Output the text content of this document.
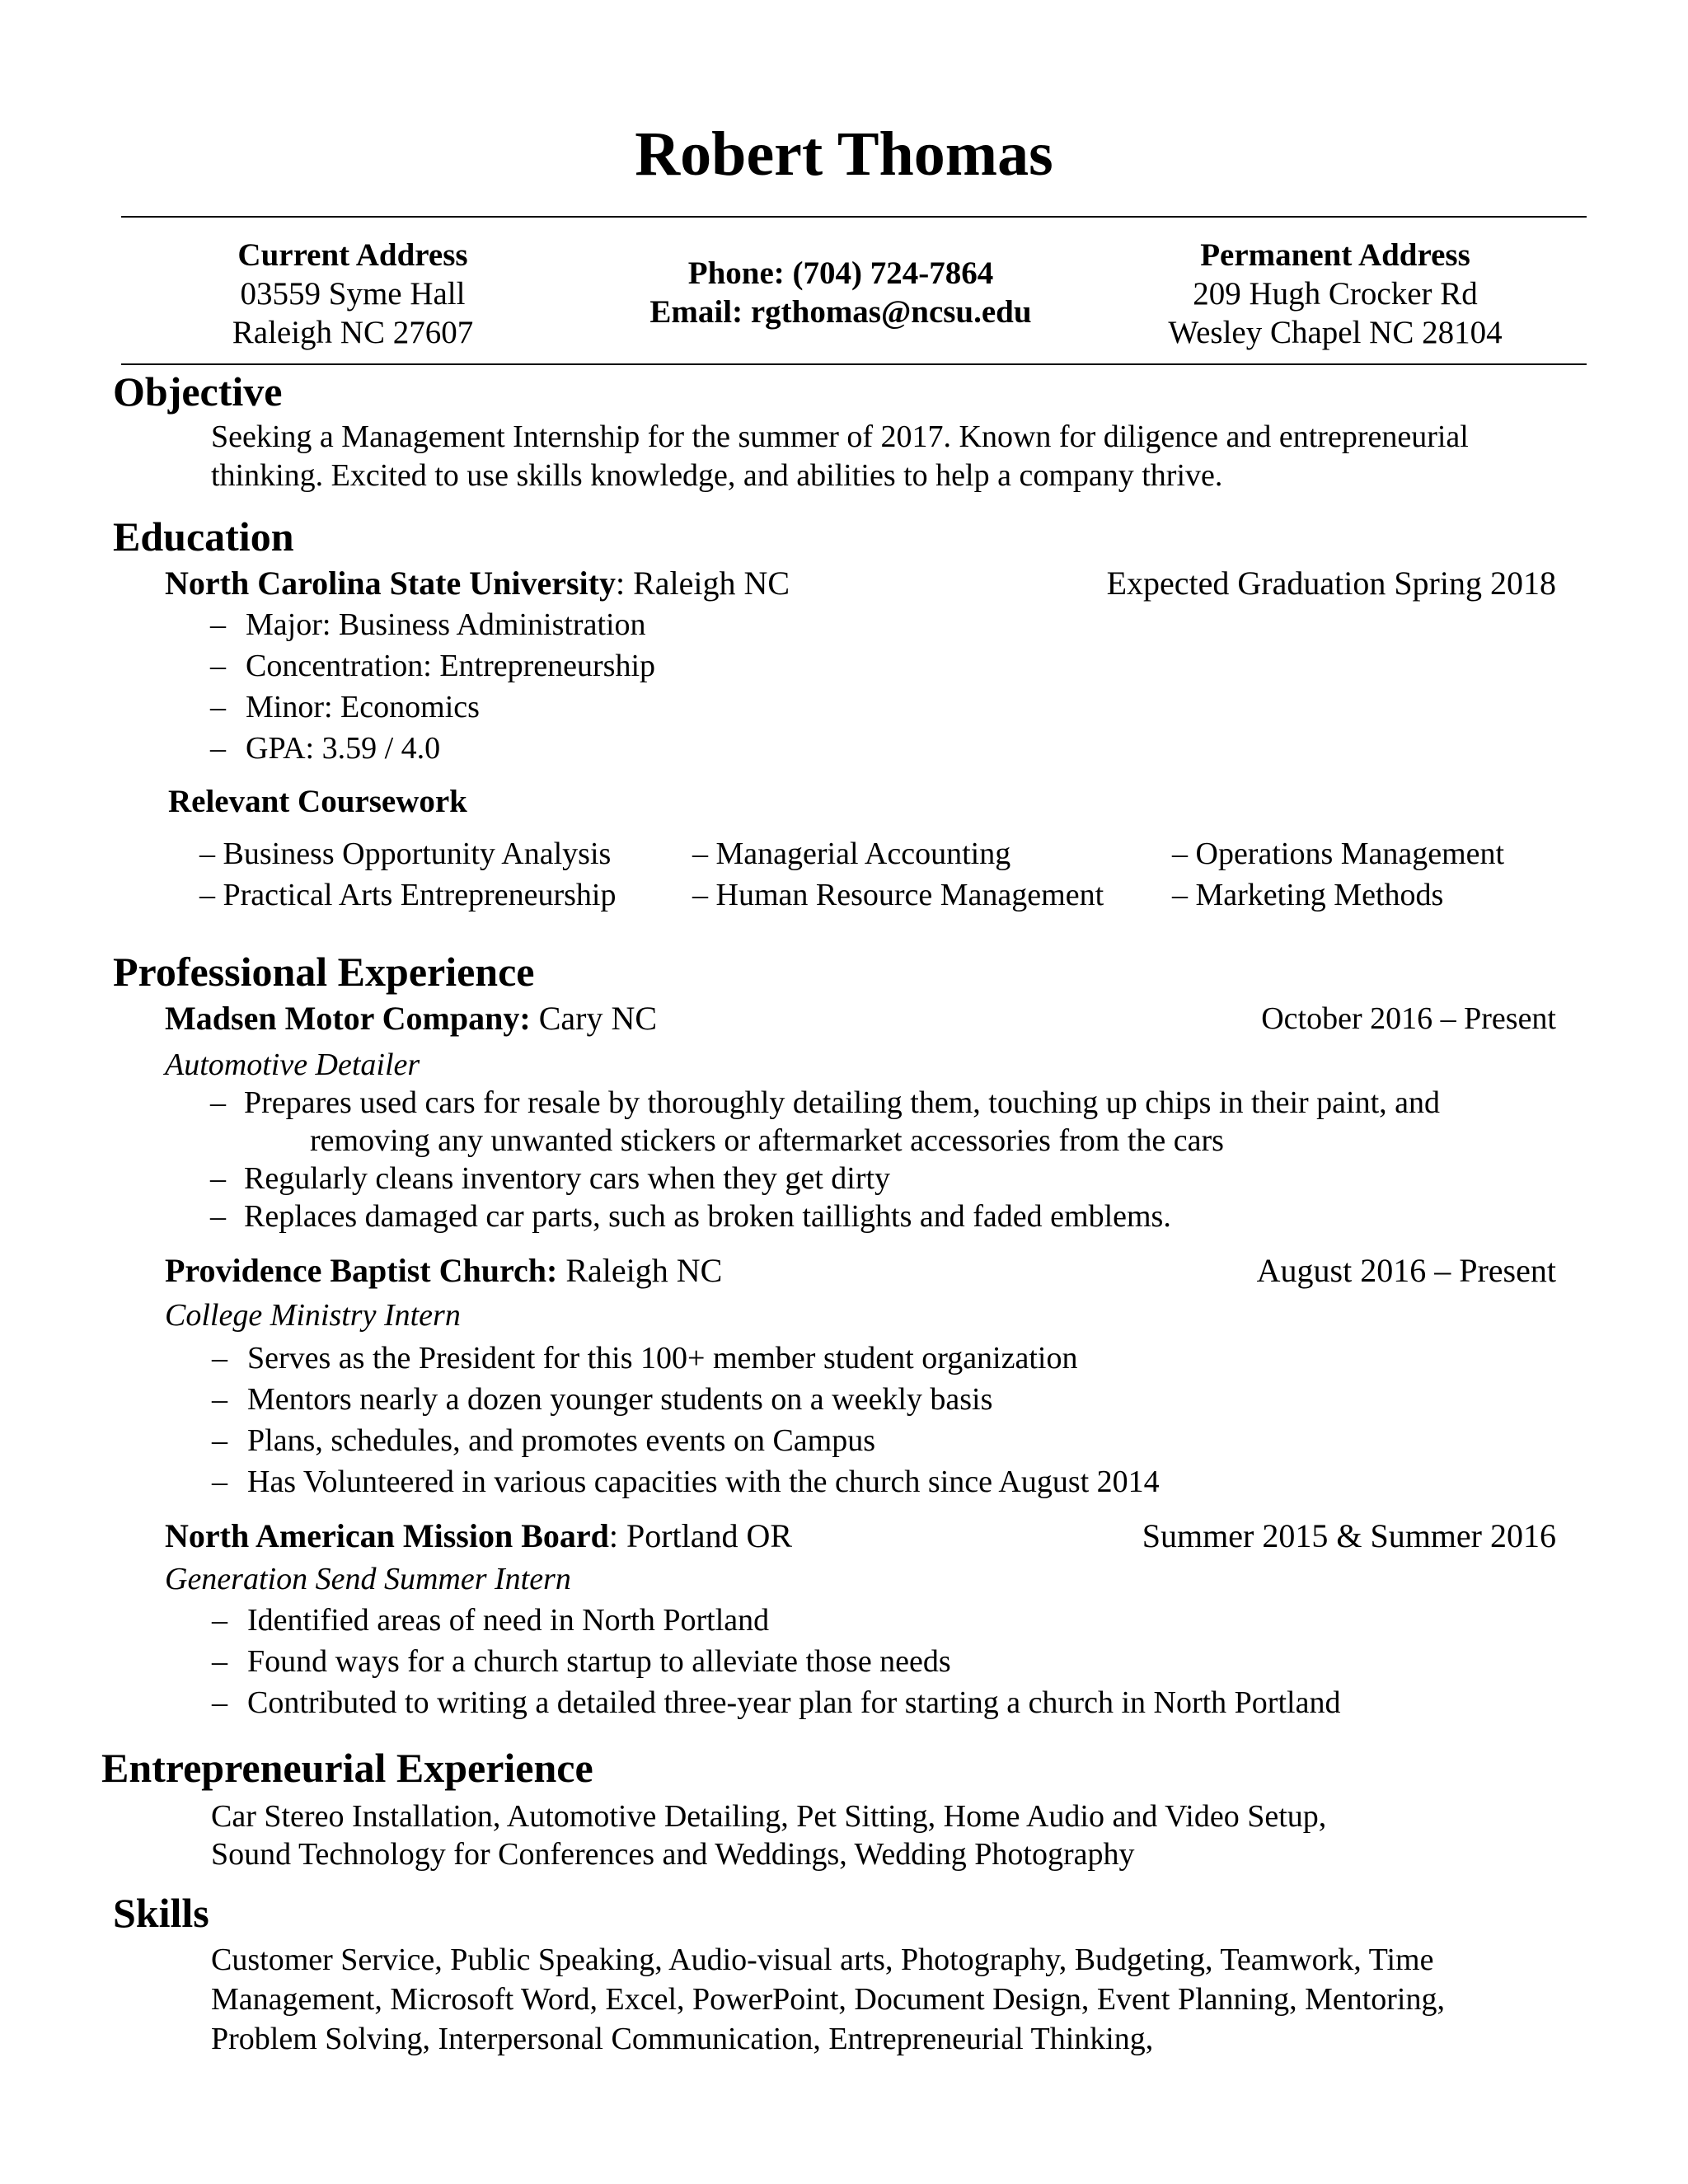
Robert Thomas
Current Address
03559 Syme Hall
Raleigh NC 27607
Phone: (704) 724-7864
Email: rgthomas@ncsu.edu
Permanent Address
209 Hugh Crocker Rd
Wesley Chapel NC 28104
Objective
Seeking a Management Internship for the summer of 2017. Known for diligence and entrepreneurial
thinking. Excited to use skills knowledge, and abilities to help a company thrive.
Education
North Carolina State University: Raleigh NC	Expected Graduation Spring 2018
– Major: Business Administration
– Concentration: Entrepreneurship
– Minor: Economics
– GPA: 3.59 / 4.0
Relevant Coursework
– Business Opportunity Analysis	– Managerial Accounting	– Operations Management
– Practical Arts Entrepreneurship – Human Resource Management – Marketing Methods
Professional Experience
Madsen Motor Company: Cary NC	October 2016 – Present
Automotive Detailer
– Prepares used cars for resale by thoroughly detailing them, touching up chips in their paint, and
removing any unwanted stickers or aftermarket accessories from the cars
– Regularly cleans inventory cars when they get dirty
– Replaces damaged car parts, such as broken taillights and faded emblems.
Providence Baptist Church: Raleigh NC	August 2016 – Present
College Ministry Intern
– Serves as the President for this 100+ member student organization
– Mentors nearly a dozen younger students on a weekly basis
– Plans, schedules, and promotes events on Campus
– Has Volunteered in various capacities with the church since August 2014
North American Mission Board: Portland OR	Summer 2015 & Summer 2016
Generation Send Summer Intern
– Identified areas of need in North Portland
– Found ways for a church startup to alleviate those needs
– Contributed to writing a detailed three-year plan for starting a church in North Portland
Entrepreneurial Experience
Car Stereo Installation, Automotive Detailing, Pet Sitting, Home Audio and Video Setup,
Sound Technology for Conferences and Weddings, Wedding Photography
Skills
Customer Service, Public Speaking, Audio-visual arts, Photography, Budgeting, Teamwork, Time
Management, Microsoft Word, Excel, PowerPoint, Document Design, Event Planning, Mentoring,
Problem Solving, Interpersonal Communication, Entrepreneurial Thinking,
